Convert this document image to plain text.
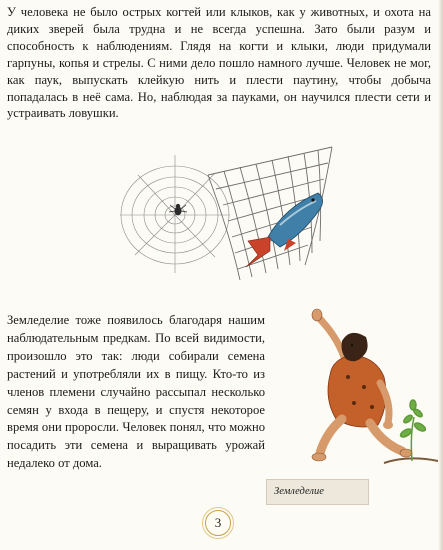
У человека не было острых когтей или клыков, как у животных, и охота на диких зверей была трудна и не всегда успешна. Зато были разум и способность к наблюдениям. Глядя на когти и клыки, люди придумали гарпуны, копья и стрелы. С ними дело пошло намного лучше. Человек не мог, как паук, выпускать клейкую нить и плести паутину, чтобы добыча попадалась в неё сама. Но, наблюдая за пауками, он научился плести сети и устраивать ловушки.

Земледелие тоже появилось благодаря нашим наблюдательным предкам. По всей видимости, произошло это так: люди собирали семена растений и употребляли их в пищу. Кто-то из членов племени случайно рассыпал несколько семян у входа в пещеру, и спустя некоторое время они проросли. Человек понял, что можно посадить эти семена и выращивать урожай недалеко от дома.

Земледелие
3
